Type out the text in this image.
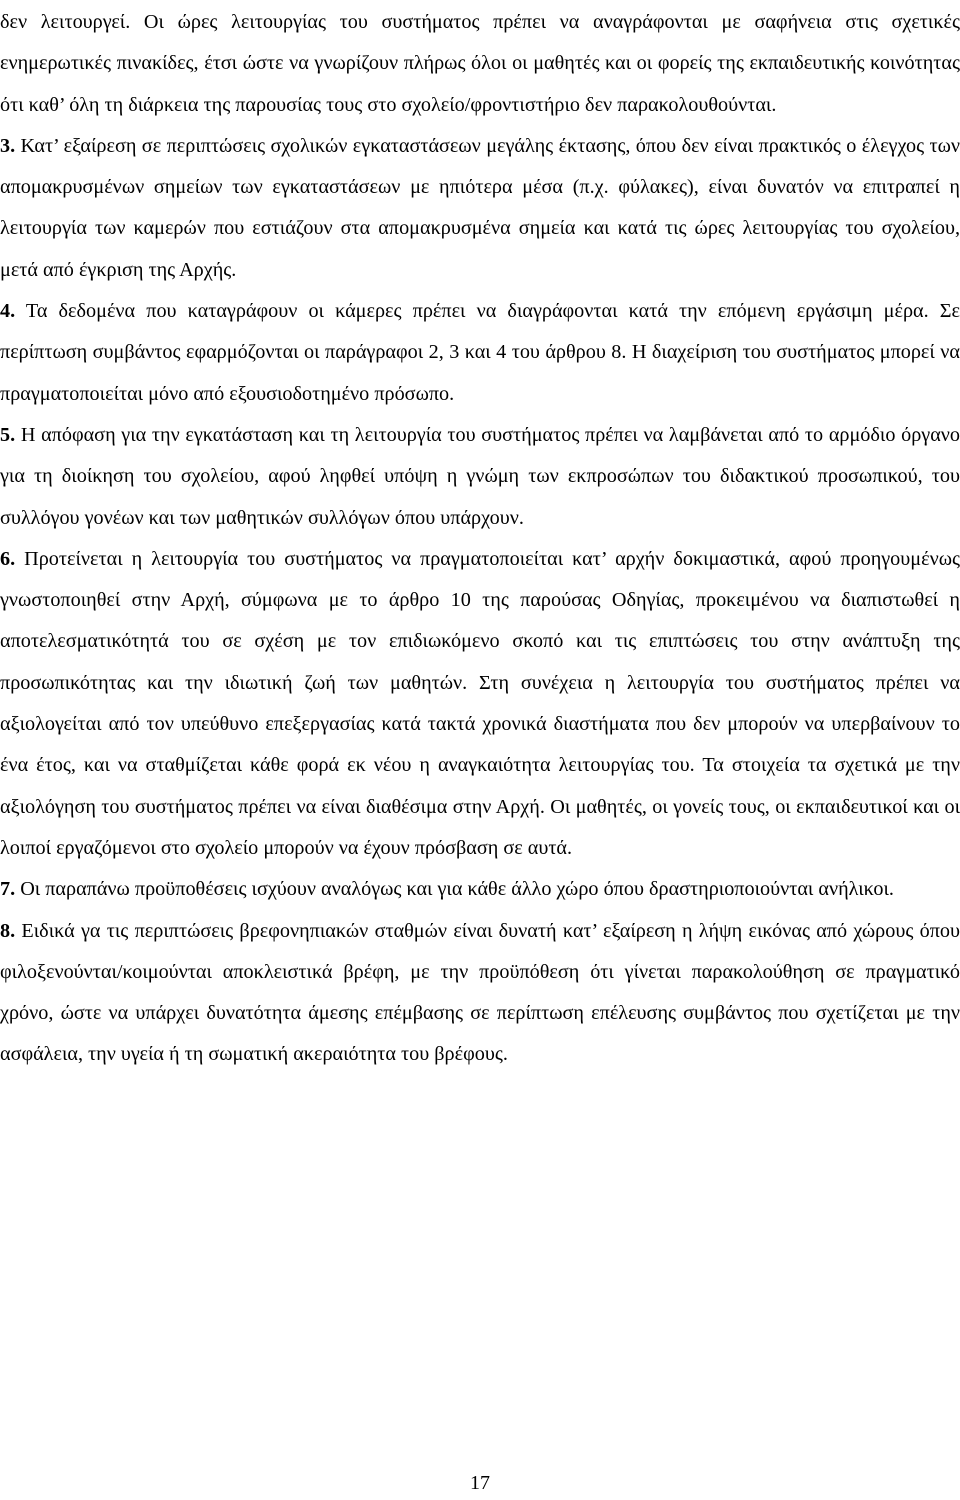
δεν λειτουργεί. Οι ώρες λειτουργίας του συστήματος πρέπει να αναγράφονται με σαφήνεια στις σχετικές ενημερωτικές πινακίδες, έτσι ώστε να γνωρίζουν πλήρως όλοι οι μαθητές και οι φορείς της εκπαιδευτικής κοινότητας ότι καθ’ όλη τη διάρκεια της παρουσίας τους στο σχολείο/φροντιστήριο δεν παρακολουθούνται.

3. Κατ’ εξαίρεση σε περιπτώσεις σχολικών εγκαταστάσεων μεγάλης έκτασης, όπου δεν είναι πρακτικός ο έλεγχος των απομακρυσμένων σημείων των εγκαταστάσεων με ηπιότερα μέσα (π.χ. φύλακες), είναι δυνατόν να επιτραπεί η λειτουργία των καμερών που εστιάζουν στα απομακρυσμένα σημεία και κατά τις ώρες λειτουργίας του σχολείου, μετά από έγκριση της Αρχής.

4. Τα δεδομένα που καταγράφουν οι κάμερες πρέπει να διαγράφονται κατά την επόμενη εργάσιμη μέρα. Σε περίπτωση συμβάντος εφαρμόζονται οι παράγραφοι 2, 3 και 4 του άρθρου 8. Η διαχείριση του συστήματος μπορεί να πραγματοποιείται μόνο από εξουσιοδοτημένο πρόσωπο.

5. Η απόφαση για την εγκατάσταση και τη λειτουργία του συστήματος πρέπει να λαμβάνεται από το αρμόδιο όργανο για τη διοίκηση του σχολείου, αφού ληφθεί υπόψη η γνώμη των εκπροσώπων του διδακτικού προσωπικού, του συλλόγου γονέων και των μαθητικών συλλόγων όπου υπάρχουν.

6. Προτείνεται η λειτουργία του συστήματος να πραγματοποιείται κατ’ αρχήν δοκιμαστικά, αφού προηγουμένως γνωστοποιηθεί στην Αρχή, σύμφωνα με το άρθρο 10 της παρούσας Οδηγίας, προκειμένου να διαπιστωθεί η αποτελεσματικότητά του σε σχέση με τον επιδιωκόμενο σκοπό και τις επιπτώσεις του στην ανάπτυξη της προσωπικότητας και την ιδιωτική ζωή των μαθητών. Στη συνέχεια η λειτουργία του συστήματος πρέπει να αξιολογείται από τον υπεύθυνο επεξεργασίας κατά τακτά χρονικά διαστήματα που δεν μπορούν να υπερβαίνουν το ένα έτος, και να σταθμίζεται κάθε φορά εκ νέου η αναγκαιότητα λειτουργίας του. Τα στοιχεία τα σχετικά με την αξιολόγηση του συστήματος πρέπει να είναι διαθέσιμα στην Αρχή. Οι μαθητές, οι γονείς τους, οι εκπαιδευτικοί και οι λοιποί εργαζόμενοι στο σχολείο μπορούν να έχουν πρόσβαση σε αυτά.

7. Οι παραπάνω προϋποθέσεις ισχύουν αναλόγως και για κάθε άλλο χώρο όπου δραστηριοποιούνται ανήλικοι.

8. Ειδικά γα τις περιπτώσεις βρεφονηπιακών σταθμών είναι δυνατή κατ’ εξαίρεση η λήψη εικόνας από χώρους όπου φιλοξενούνται/κοιμούνται αποκλειστικά βρέφη, με την προϋπόθεση ότι γίνεται παρακολούθηση σε πραγματικό χρόνο, ώστε να υπάρχει δυνατότητα άμεσης επέμβασης σε περίπτωση επέλευσης συμβάντος που σχετίζεται με την ασφάλεια, την υγεία ή τη σωματική ακεραιότητα του βρέφους.

17
